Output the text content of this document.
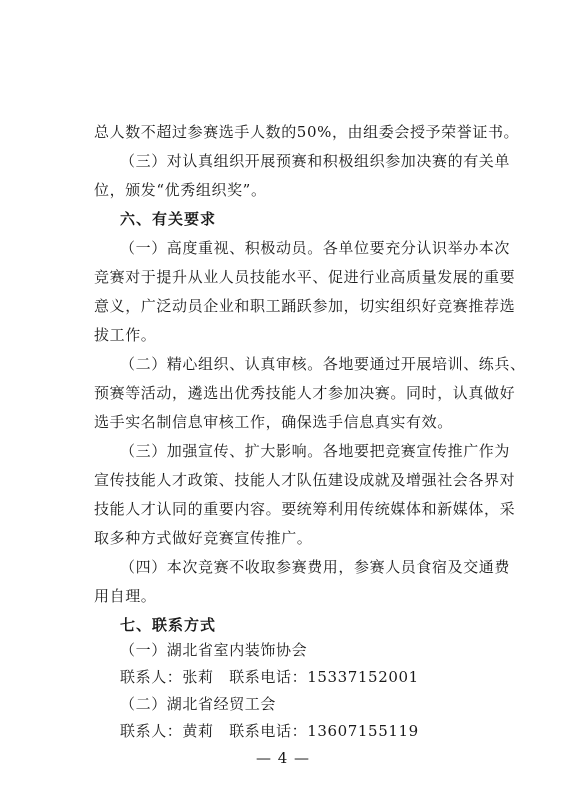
总人数不超过参赛选手人数的50%，由组委会授予荣誉证书。
（三）对认真组织开展预赛和积极组织参加决赛的有关单
位，颁发“优秀组织奖”。
六、有关要求
（一）高度重视、积极动员。各单位要充分认识举办本次
竞赛对于提升从业人员技能水平、促进行业高质量发展的重要
意义，广泛动员企业和职工踊跃参加，切实组织好竞赛推荐选
拔工作。
（二）精心组织、认真审核。各地要通过开展培训、练兵、
预赛等活动，遴选出优秀技能人才参加决赛。同时，认真做好
选手实名制信息审核工作，确保选手信息真实有效。
（三）加强宣传、扩大影响。各地要把竞赛宣传推广作为
宣传技能人才政策、技能人才队伍建设成就及增强社会各界对
技能人才认同的重要内容。要统筹利用传统媒体和新媒体，采
取多种方式做好竞赛宣传推广。
（四）本次竞赛不收取参赛费用，参赛人员食宿及交通费
用自理。
七、联系方式
（一）湖北省室内装饰协会
联系人：张莉　联系电话：15337152001
（二）湖北省经贸工会
联系人：黄莉　联系电话：13607155119
— 4 —
